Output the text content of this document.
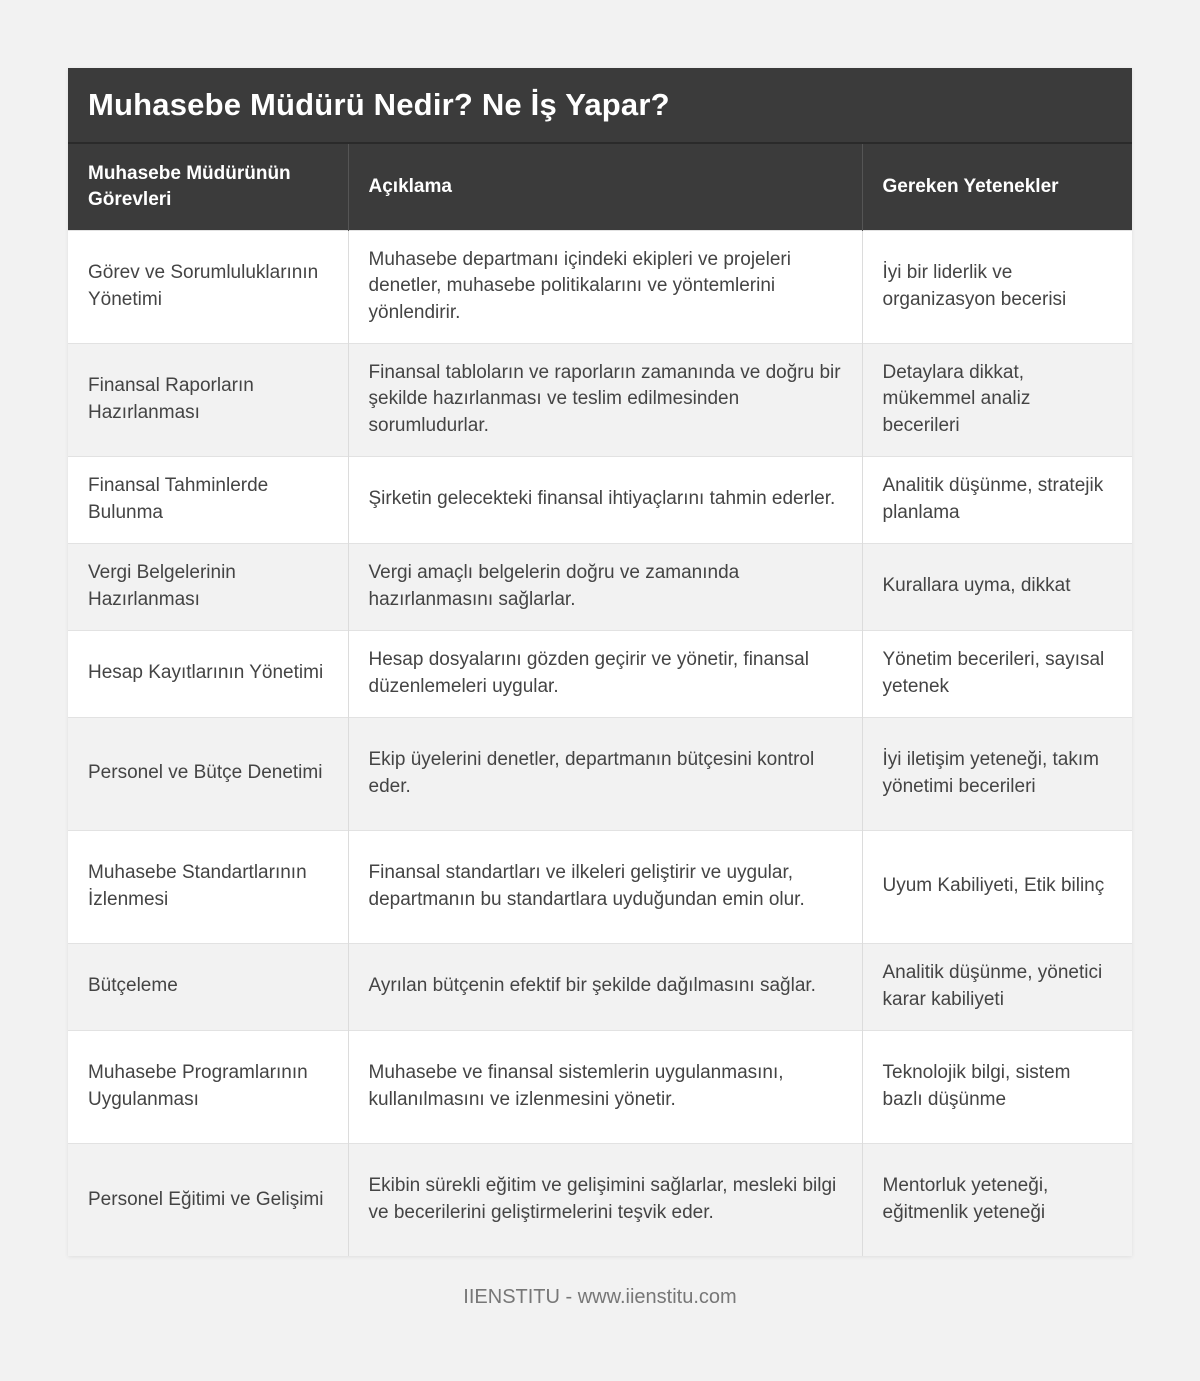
Muhasebe Müdürü Nedir? Ne İş Yapar?
Muhasebe Müdürünün Görevleri	Açıklama	Gereken Yetenekler
Görev ve Sorumluluklarının Yönetimi	Muhasebe departmanı içindeki ekipleri ve projeleri denetler, muhasebe politikalarını ve yöntemlerini yönlendirir.	İyi bir liderlik ve organizasyon becerisi
Finansal Raporların Hazırlanması	Finansal tabloların ve raporların zamanında ve doğru bir şekilde hazırlanması ve teslim edilmesinden sorumludurlar.	Detaylara dikkat, mükemmel analiz becerileri
Finansal Tahminlerde Bulunma	Şirketin gelecekteki finansal ihtiyaçlarını tahmin ederler.	Analitik düşünme, stratejik planlama
Vergi Belgelerinin Hazırlanması	Vergi amaçlı belgelerin doğru ve zamanında hazırlanmasını sağlarlar.	Kurallara uyma, dikkat
Hesap Kayıtlarının Yönetimi	Hesap dosyalarını gözden geçirir ve yönetir, finansal düzenlemeleri uygular.	Yönetim becerileri, sayısal yetenek
Personel ve Bütçe Denetimi	Ekip üyelerini denetler, departmanın bütçesini kontrol eder.	İyi iletişim yeteneği, takım yönetimi becerileri
Muhasebe Standartlarının İzlenmesi	Finansal standartları ve ilkeleri geliştirir ve uygular, departmanın bu standartlara uyduğundan emin olur.	Uyum Kabiliyeti, Etik bilinç
Bütçeleme	Ayrılan bütçenin efektif bir şekilde dağılmasını sağlar.	Analitik düşünme, yönetici karar kabiliyeti
Muhasebe Programlarının Uygulanması	Muhasebe ve finansal sistemlerin uygulanmasını, kullanılmasını ve izlenmesini yönetir.	Teknolojik bilgi, sistem bazlı düşünme
Personel Eğitimi ve Gelişimi	Ekibin sürekli eğitim ve gelişimini sağlarlar, mesleki bilgi ve becerilerini geliştirmelerini teşvik eder.	Mentorluk yeteneği, eğitmenlik yeteneği
IIENSTITU - www.iienstitu.com
